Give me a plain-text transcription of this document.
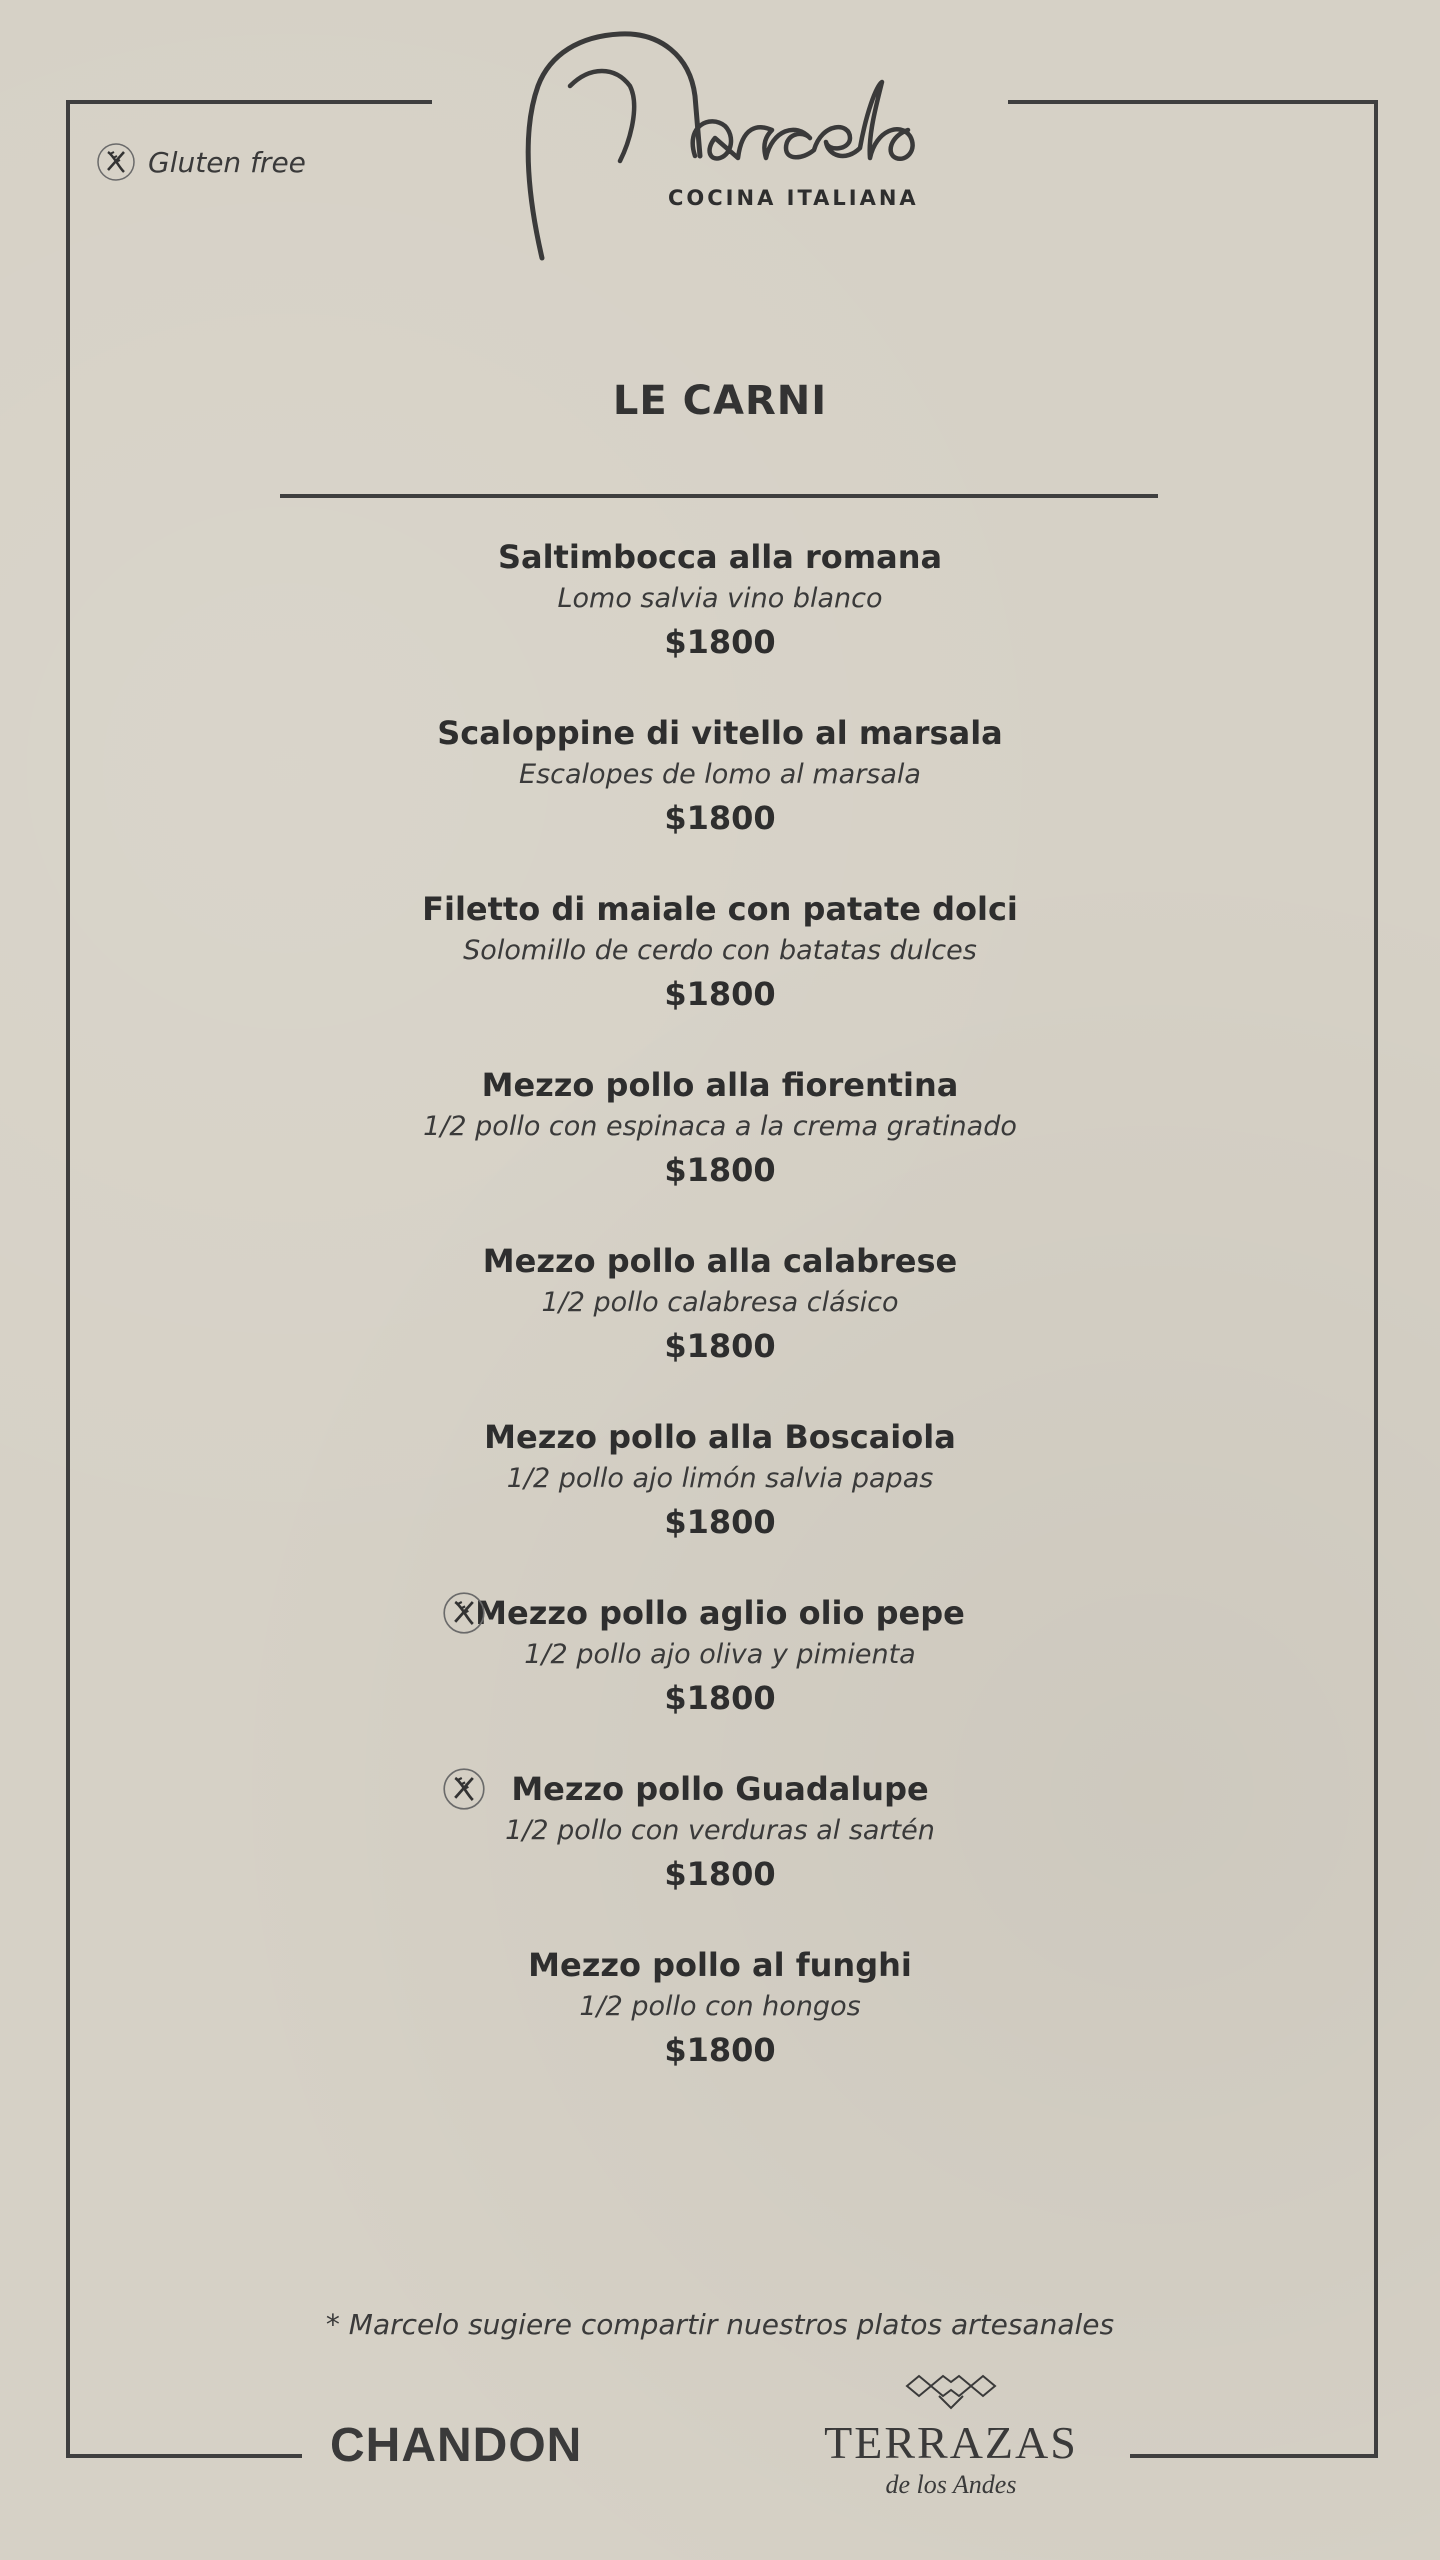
Gluten free
COCINA ITALIANA
LE CARNI
Saltimbocca alla romana
Lomo salvia vino blanco
$1800
Scaloppine di vitello al marsala
Escalopes de lomo al marsala
$1800
Filetto di maiale con patate dolci
Solomillo de cerdo con batatas dulces
$1800
Mezzo pollo alla fiorentina
1/2 pollo con espinaca a la crema gratinado
$1800
Mezzo pollo alla calabrese
1/2 pollo calabresa clásico
$1800
Mezzo pollo alla Boscaiola
1/2 pollo ajo limón salvia papas
$1800
Mezzo pollo aglio olio pepe
1/2 pollo ajo oliva y pimienta
$1800
Mezzo pollo Guadalupe
1/2 pollo con verduras al sartén
$1800
Mezzo pollo al funghi
1/2 pollo con hongos
$1800
* Marcelo sugiere compartir nuestros platos artesanales
CHANDON	TERRAZAS
de los Andes
